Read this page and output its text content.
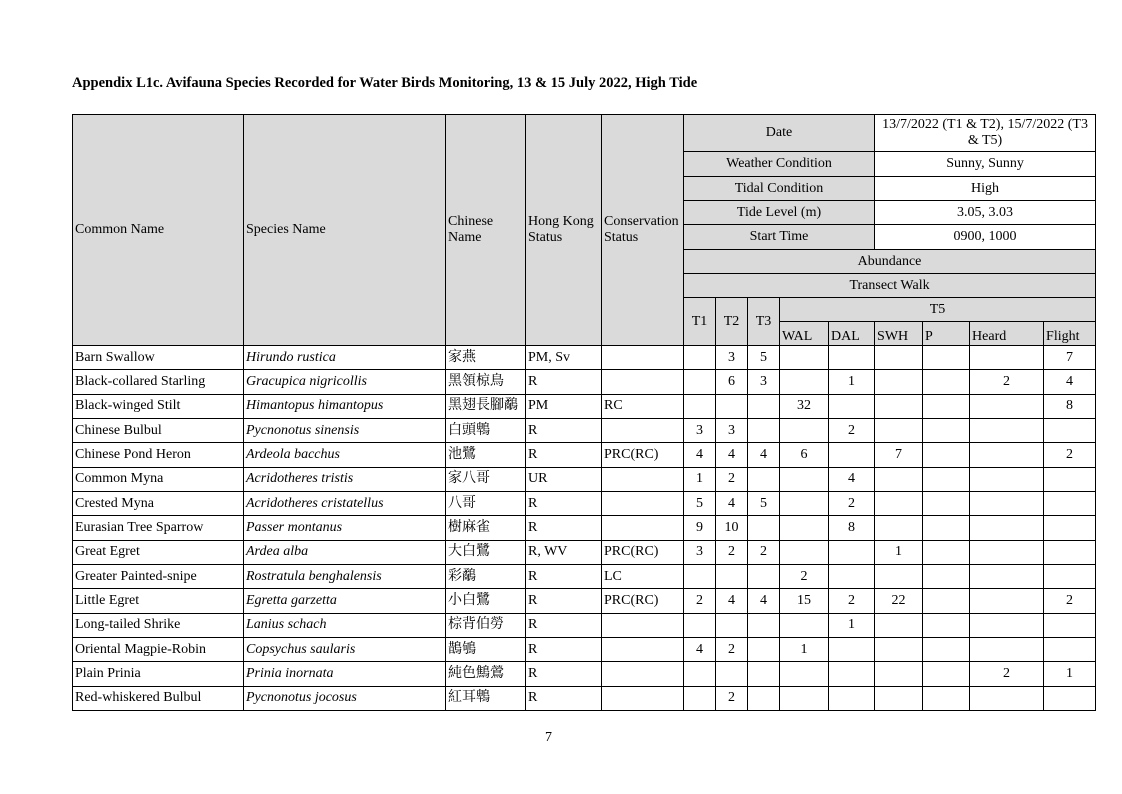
Appendix L1c. Avifauna Species Recorded for Water Birds Monitoring, 13 & 15 July 2022, High Tide
Common Name	Species Name	Chinese Name	Hong Kong Status	Conservation Status	Date					13/7/2022 (T1 & T2), 15/7/2022 (T3 & T5)			
					Weather Condition					Sunny, Sunny			
					Tidal Condition					High			
					Tide Level (m)					3.05, 3.03			
					Start Time					0900, 1000			
					Abundance								
					Transect Walk								
					T1	T2	T3	T5					
								WAL	DAL	SWH	P	Heard	Flight
Barn Swallow	Hirundo rustica	家燕	PM, Sv			3	5						7
Black-collared Starling	Gracupica nigricollis	黑領椋鳥	R			6	3		1			2	4
Black-winged Stilt	Himantopus himantopus	黑翅長腳鷸	PM	RC				32					8
Chinese Bulbul	Pycnonotus sinensis	白頭鵯	R		3	3			2				
Chinese Pond Heron	Ardeola bacchus	池鷺	R	PRC(RC)	4	4	4	6		7			2
Common Myna	Acridotheres tristis	家八哥	UR		1	2			4				
Crested Myna	Acridotheres cristatellus	八哥	R		5	4	5		2				
Eurasian Tree Sparrow	Passer montanus	樹麻雀	R		9	10			8				
Great Egret	Ardea alba	大白鷺	R, WV	PRC(RC)	3	2	2			1			
Greater Painted-snipe	Rostratula benghalensis	彩鷸	R	LC				2					
Little Egret	Egretta garzetta	小白鷺	R	PRC(RC)	2	4	4	15	2	22			2
Long-tailed Shrike	Lanius schach	棕背伯勞	R						1				
Oriental Magpie-Robin	Copsychus saularis	鵲鴝	R		4	2		1					
Plain Prinia	Prinia inornata	純色鷦鶯	R									2	1
Red-whiskered Bulbul	Pycnonotus jocosus	紅耳鵯	R			2							
7
